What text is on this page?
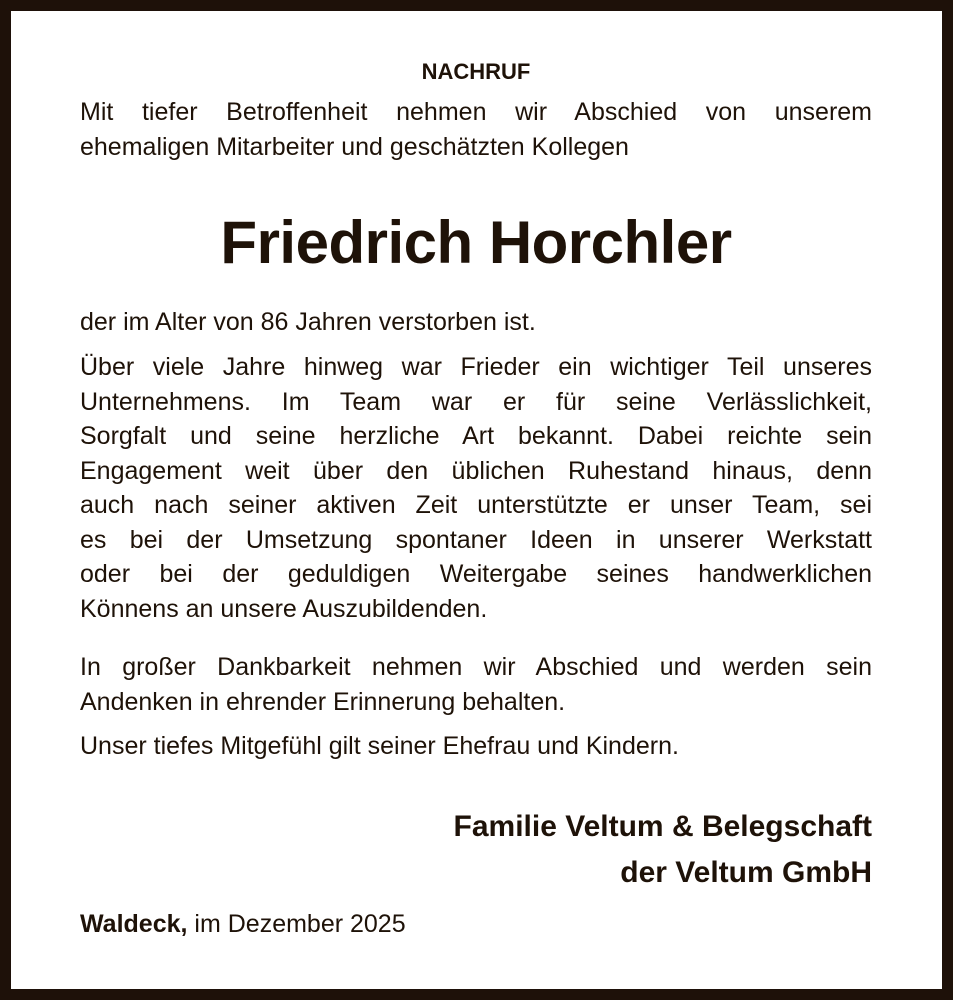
NACHRUF
Mit tiefer Betroffenheit nehmen wir Abschied von unserem
ehemaligen Mitarbeiter und geschätzten Kollegen
Friedrich Horchler
der im Alter von 86 Jahren verstorben ist.
Über viele Jahre hinweg war Frieder ein wichtiger Teil unseres
Unternehmens. Im Team war er für seine Verlässlichkeit,
Sorgfalt und seine herzliche Art bekannt. Dabei reichte sein
Engagement weit über den üblichen Ruhestand hinaus, denn
auch nach seiner aktiven Zeit unterstützte er unser Team, sei
es bei der Umsetzung spontaner Ideen in unserer Werkstatt
oder bei der geduldigen Weitergabe seines handwerklichen
Könnens an unsere Auszubildenden.
In großer Dankbarkeit nehmen wir Abschied und werden sein
Andenken in ehrender Erinnerung behalten.
Unser tiefes Mitgefühl gilt seiner Ehefrau und Kindern.
Familie Veltum & Belegschaft
der Veltum GmbH
Waldeck, im Dezember 2025
